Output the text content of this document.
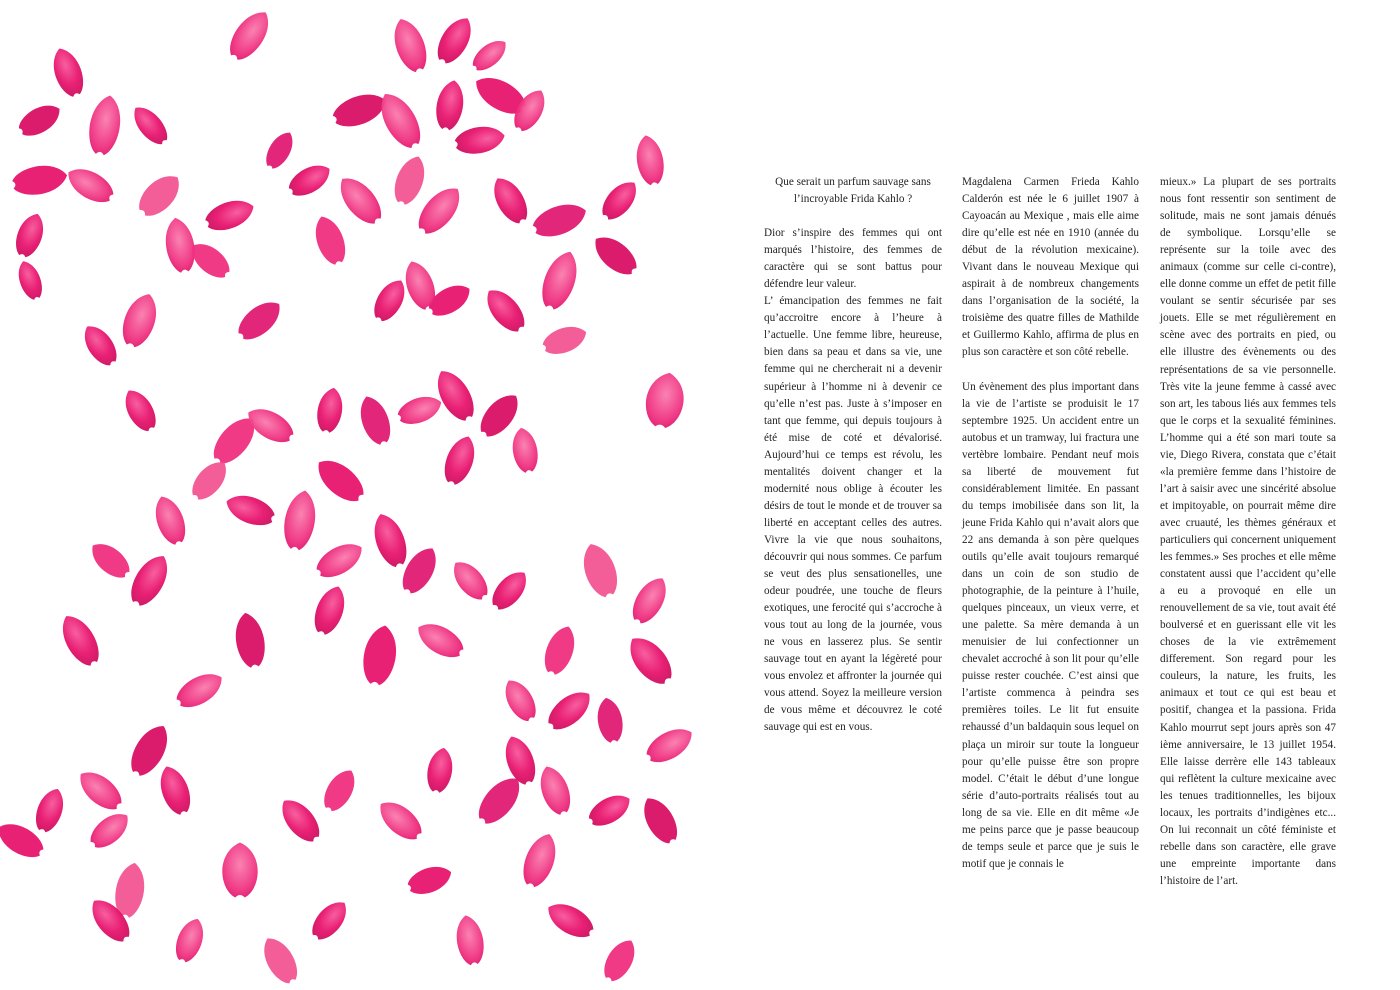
Que serait un parfum sauvage sans
l’incroyable Frida Kahlo ?

Dior s’inspire des femmes qui ont marqués l’histoire, des femmes de caractère qui se sont battus pour défendre leur valeur.

L’ émancipation des femmes ne fait qu’accroitre encore à l’heure à l’actuelle. Une femme libre, heureuse, bien dans sa peau et dans sa vie, une femme qui ne chercherait ni a devenir supérieur à l’homme ni à devenir ce qu’elle n’est pas. Juste à s’imposer en tant que femme, qui depuis toujours à été mise de coté et dévalorisé. Aujourd’hui ce temps est révolu, les mentalités doivent changer et la modernité nous oblige à écouter les désirs de tout le monde et de trouver sa liberté en acceptant celles des autres. Vivre la vie que nous souhaitons, découvrir qui nous sommes. Ce parfum se veut des plus sensationelles, une odeur poudrée, une touche de fleurs exotiques, une ferocité qui s’accroche à vous tout au long de la journée, vous ne vous en lasserez plus. Se sentir sauvage tout en ayant la légèreté pour vous envolez et affronter la journée qui vous attend. Soyez la meilleure version de vous même et découvrez le coté sauvage qui est en vous.

Magdalena Carmen Frieda Kahlo Calderón est née le 6 juillet 1907 à Cayoacán au Mexique , mais elle aime dire qu’elle est née en 1910 (année du début de la révolution mexicaine). Vivant dans le nouveau Mexique qui aspirait à de nombreux changements dans l’organisation de la société, la troisième des quatre filles de Mathilde et Guillermo Kahlo, affirma de plus en plus son caractère et son côté rebelle.

Un évènement des plus important dans la vie de l’artiste se produisit le 17 septembre 1925. Un accident entre un autobus et un tramway, lui fractura une vertèbre lombaire. Pendant neuf mois sa liberté de mouvement fut considérablement limitée. En passant du temps imobilisée dans son lit, la jeune Frida Kahlo qui n’avait alors que 22 ans demanda à son père quelques outils qu’elle avait toujours remarqué dans un coin de son studio de photographie, de la peinture à l’huile, quelques pinceaux, un vieux verre, et une palette. Sa mère demanda à un menuisier de lui confectionner un chevalet accroché à son lit pour qu’elle puisse rester couchée. C’est ainsi que l’artiste commenca à peindra ses premières toiles. Le lit fut ensuite rehaussé d’un baldaquin sous lequel on plaça un miroir sur toute la longueur pour qu’elle puisse être son propre model. C’était le début d’une longue série d’auto-portraits réalisés tout au long de sa vie. Elle en dit même «Je me peins parce que je passe beaucoup de temps seule et parce que je suis le motif que je connais le

mieux.» La plupart de ses portraits nous font ressentir son sentiment de solitude, mais ne sont jamais dénués de symbolique. Lorsqu’elle se représente sur la toile avec des animaux (comme sur celle ci-contre), elle donne comme un effet de petit fille voulant se sentir sécurisée par ses jouets. Elle se met régulièrement en scène avec des portraits en pied, ou elle illustre des évènements ou des représentations de sa vie personnelle. Très vite la jeune femme à cassé avec son art, les tabous liés aux femmes tels que le corps et la sexualité féminines. L’homme qui a été son mari toute sa vie, Diego Rivera, constata que c’était «la première femme dans l’histoire de l’art à saisir avec une sincérité absolue et impitoyable, on pourrait même dire avec cruauté, les thèmes généraux et particuliers qui concernent uniquement les femmes.» Ses proches et elle même constatent aussi que l’accident qu’elle a eu a provoqué en elle un renouvellement de sa vie, tout avait été boulversé et en guerissant elle vit les choses de la vie extrêmement differement. Son regard pour les couleurs, la nature, les fruits, les animaux et tout ce qui est beau et positif, changea et la passiona. Frida Kahlo mourrut sept jours après son 47 ième anniversaire, le 13 juillet 1954. Elle laisse derrère elle 143 tableaux qui reflètent la culture mexicaine avec les tenues traditionnelles, les bijoux locaux, les portraits d’indigènes etc... On lui reconnait un côté féministe et rebelle dans son caractère, elle grave une empreinte importante dans l’histoire de l’art.
